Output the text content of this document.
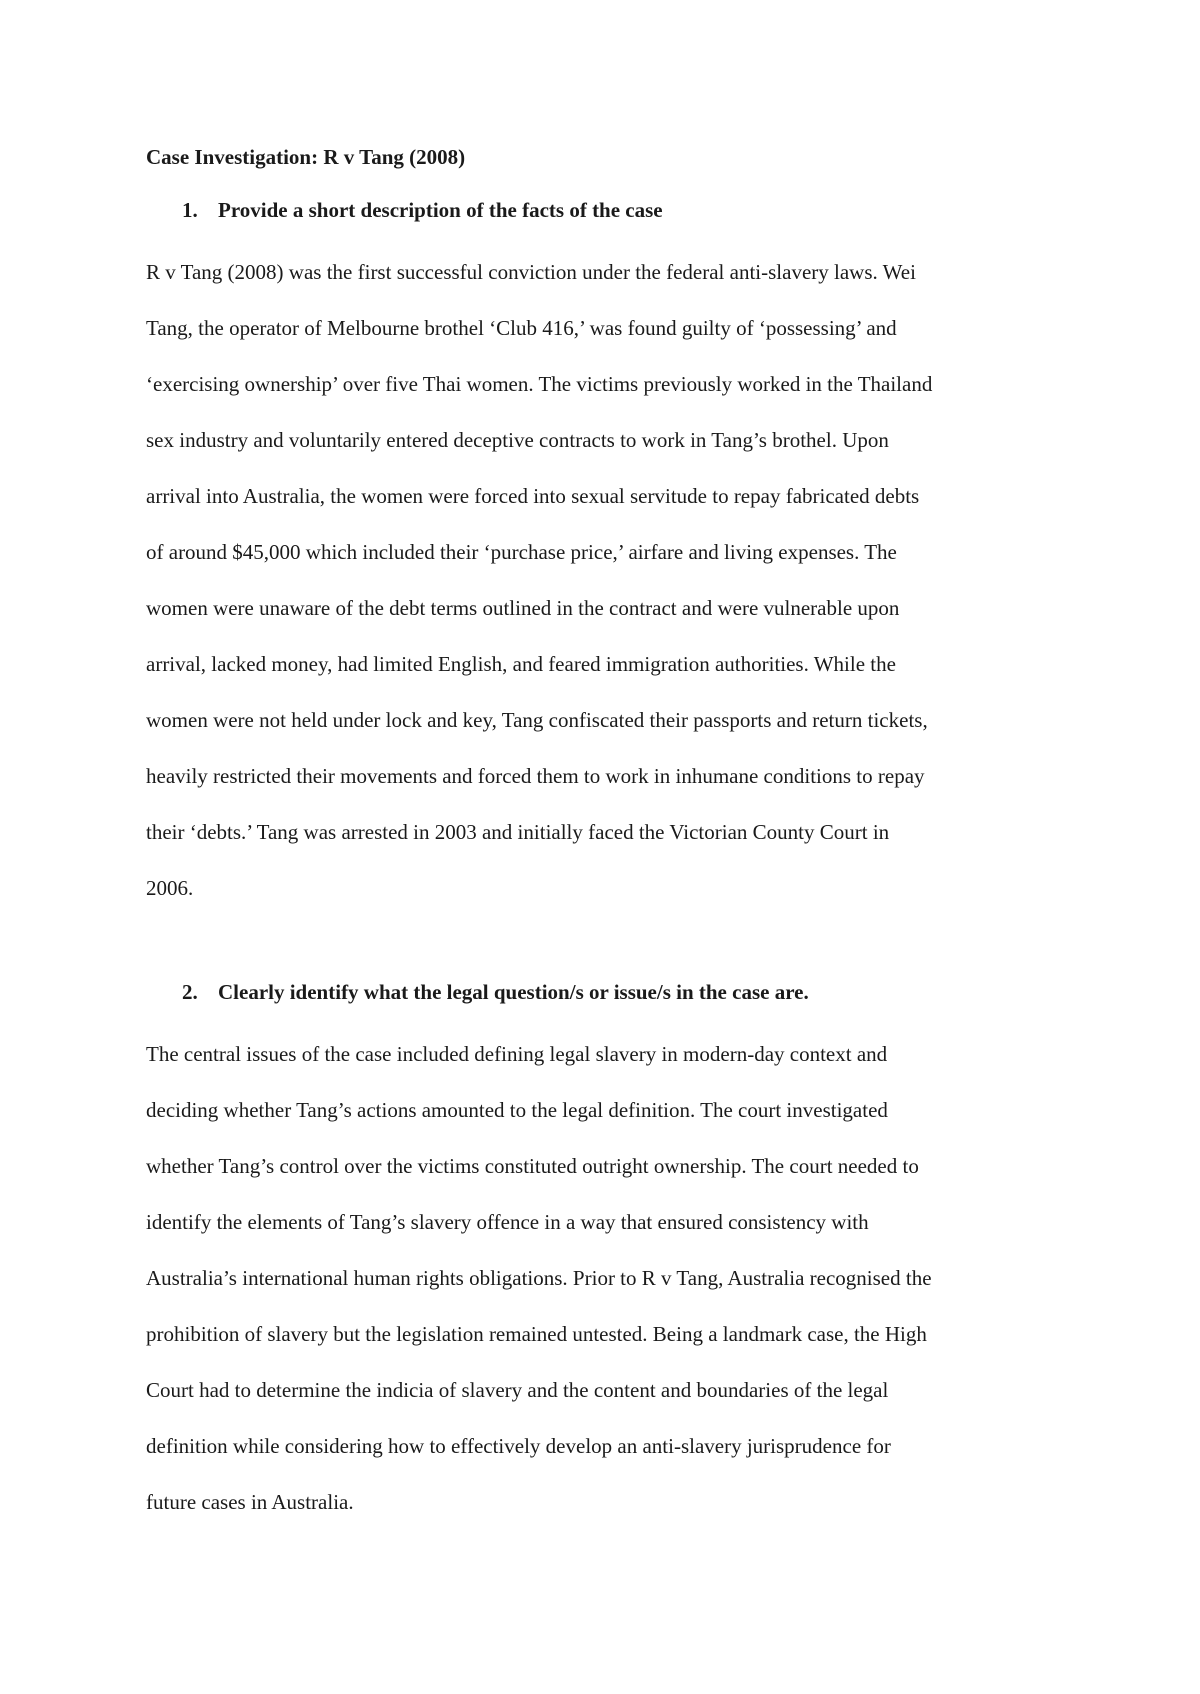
Case Investigation: R v Tang (2008)
1. Provide a short description of the facts of the case
R v Tang (2008) was the first successful conviction under the federal anti-slavery laws. Wei
Tang, the operator of Melbourne brothel ‘Club 416,’ was found guilty of ‘possessing’ and
‘exercising ownership’ over five Thai women. The victims previously worked in the Thailand
sex industry and voluntarily entered deceptive contracts to work in Tang’s brothel. Upon
arrival into Australia, the women were forced into sexual servitude to repay fabricated debts
of around $45,000 which included their ‘purchase price,’ airfare and living expenses. The
women were unaware of the debt terms outlined in the contract and were vulnerable upon
arrival, lacked money, had limited English, and feared immigration authorities. While the
women were not held under lock and key, Tang confiscated their passports and return tickets,
heavily restricted their movements and forced them to work in inhumane conditions to repay
their ‘debts.’ Tang was arrested in 2003 and initially faced the Victorian County Court in
2006.
2. Clearly identify what the legal question/s or issue/s in the case are.
The central issues of the case included defining legal slavery in modern-day context and
deciding whether Tang’s actions amounted to the legal definition. The court investigated
whether Tang’s control over the victims constituted outright ownership. The court needed to
identify the elements of Tang’s slavery offence in a way that ensured consistency with
Australia’s international human rights obligations. Prior to R v Tang, Australia recognised the
prohibition of slavery but the legislation remained untested. Being a landmark case, the High
Court had to determine the indicia of slavery and the content and boundaries of the legal
definition while considering how to effectively develop an anti-slavery jurisprudence for
future cases in Australia.
